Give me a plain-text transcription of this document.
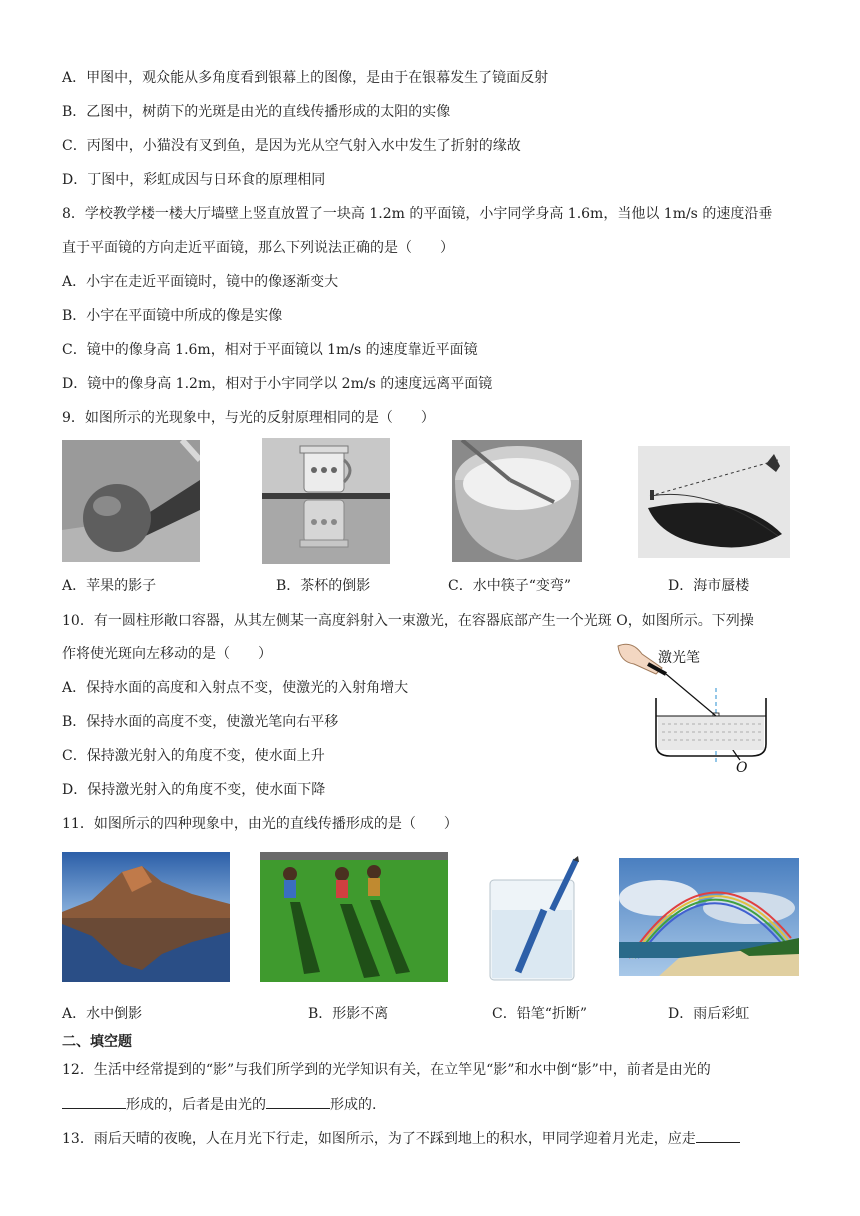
A．甲图中，观众能从多角度看到银幕上的图像，是由于在银幕发生了镜面反射
B．乙图中，树荫下的光斑是由光的直线传播形成的太阳的实像
C．丙图中，小猫没有叉到鱼，是因为光从空气射入水中发生了折射的缘故
D．丁图中，彩虹成因与日环食的原理相同
8．学校教学楼一楼大厅墙壁上竖直放置了一块高 1.2m 的平面镜，小宇同学身高 1.6m，当他以 1m/s 的速度沿垂
直于平面镜的方向走近平面镜，那么下列说法正确的是（　　）
A．小宇在走近平面镜时，镜中的像逐渐变大
B．小宇在平面镜中所成的像是实像
C．镜中的像身高 1.6m，相对于平面镜以 1m/s 的速度靠近平面镜
D．镜中的像身高 1.2m，相对于小宇同学以 2m/s 的速度远离平面镜
9．如图所示的光现象中，与光的反射原理相同的是（　　）
A．苹果的影子	B．茶杯的倒影	C．水中筷子“变弯”	D．海市蜃楼
10．有一圆柱形敞口容器，从其左侧某一高度斜射入一束激光，在容器底部产生一个光斑 O，如图所示。下列操
作将使光斑向左移动的是（　　）
A．保持水面的高度和入射点不变，使激光的入射角增大
B．保持水面的高度不变，使激光笔向右平移
C．保持激光射入的角度不变，使水面上升
D．保持激光射入的角度不变，使水面下降
激光笔
O
11．如图所示的四种现象中，由光的直线传播形成的是（　　）
A．水中倒影	B．形影不离	C．铅笔“折断”	D．雨后彩虹
二、填空题
12．生活中经常提到的“影”与我们所学到的光学知识有关，在立竿见“影”和水中倒“影”中，前者是由光的
形成的，后者是由光的	形成的.
13．雨后天晴的夜晚，人在月光下行走，如图所示，为了不踩到地上的积水，甲同学迎着月光走，应走
